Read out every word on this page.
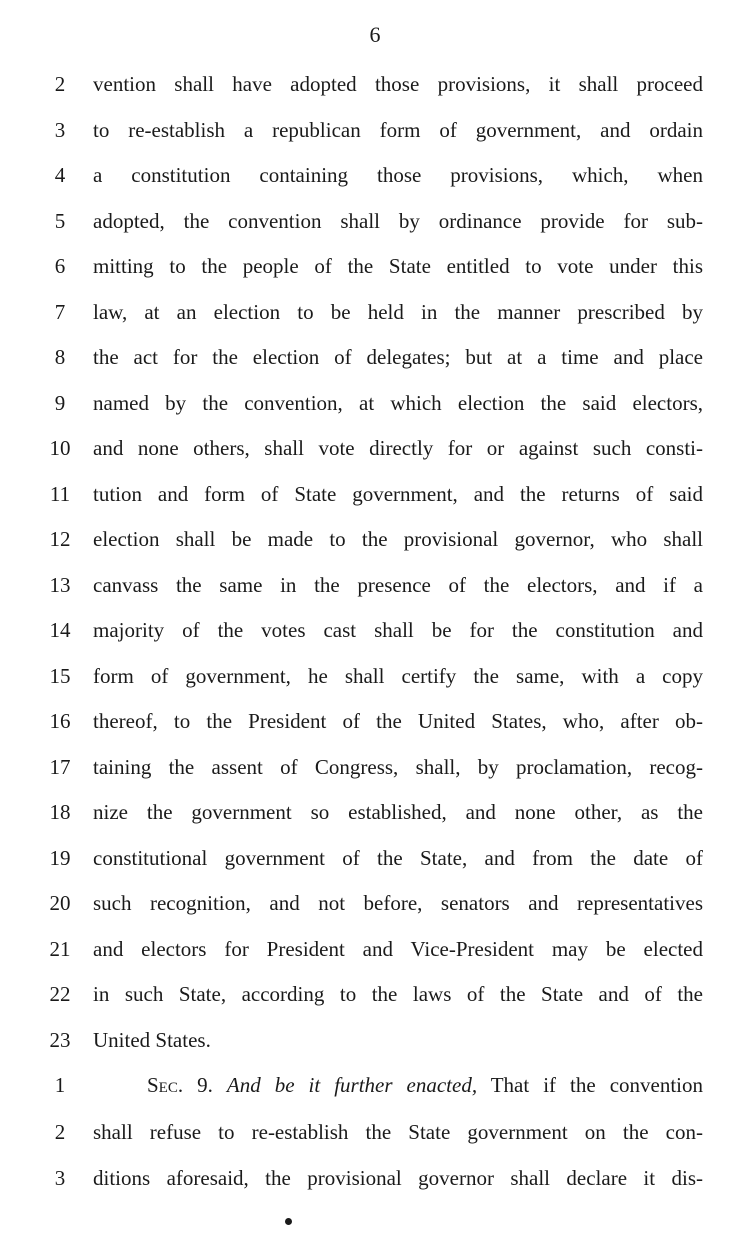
6
2	vention shall have adopted those provisions, it shall proceed
3	to re-establish a republican form of government, and ordain
4	a constitution containing those provisions, which, when
5	adopted, the convention shall by ordinance provide for sub-
6	mitting to the people of the State entitled to vote under this
7	law, at an election to be held in the manner prescribed by
8	the act for the election of delegates; but at a time and place
9	named by the convention, at which election the said electors,
10	and none others, shall vote directly for or against such consti-
11	tution and form of State government, and the returns of said
12	election shall be made to the provisional governor, who shall
13	canvass the same in the presence of the electors, and if a
14	majority of the votes cast shall be for the constitution and
15	form of government, he shall certify the same, with a copy
16	thereof, to the President of the United States, who, after ob-
17	taining the assent of Congress, shall, by proclamation, recog-
18	nize the government so established, and none other, as the
19	constitutional government of the State, and from the date of
20	such recognition, and not before, senators and representatives
21	and electors for President and Vice-President may be elected
22	in such State, according to the laws of the State and of the
23	United States.
1	Sec. 9. And be it further enacted, That if the convention
2	shall refuse to re-establish the State government on the con-
3	ditions aforesaid, the provisional governor shall declare it dis-
